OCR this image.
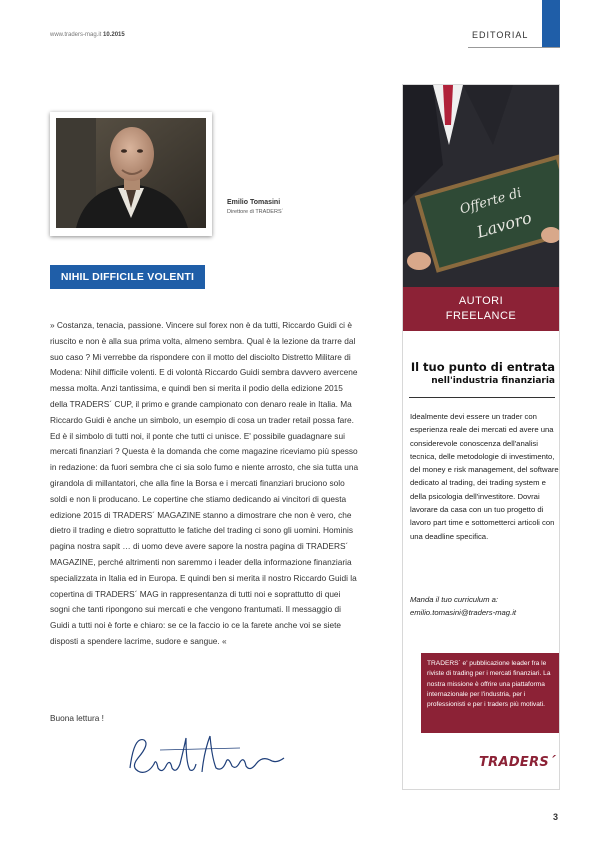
www.traders-mag.it 10.2015	EDITORIAL
Emilio Tomasini
Direttore di TRADERS´
NIHIL DIFFICILE VOLENTI

» Costanza, tenacia, passione. Vincere sul forex non è da tutti, Riccardo Guidi ci è riuscito e non è alla sua prima volta, almeno sembra. Qual è la lezione da trarre dal suo caso ? Mi verrebbe da rispondere con il motto del disciolto Distretto Militare di Modena: Nihil difficile volenti. E di volontà Riccardo Guidi sembra davvero avercene messa molta. Anzi tantissima, e quindi ben si merita il podio della edizione 2015 della TRADERS´ CUP, il primo e grande campionato con denaro reale in Italia. Ma Riccardo Guidi è anche un simbolo, un esempio di cosa un trader retail possa fare. Ed è il simbolo di tutti noi, il ponte che tutti ci unisce. E' possibile guadagnare sui mercati finanziari ? Questa è la domanda che come magazine riceviamo più spesso in redazione: da fuori sembra che ci sia solo fumo e niente arrosto, che sia tutta una girandola di millantatori, che alla fine la Borsa e i mercati finanziari bruciono solo soldi e non li producano. Le copertine che stiamo dedicando ai vincitori di questa edizione 2015 di TRADERS´ MAGAZINE stanno a dimostrare che non è vero, che dietro il trading e dietro soprattutto le fatiche del trading ci sono gli uomini. Hominis pagina nostra sapit … di uomo deve avere sapore la nostra pagina di TRADERS´ MAGAZINE, perché altrimenti non saremmo i leader della informazione finanziaria specializzata in Italia ed in Europa. E quindi ben si merita il nostro Riccardo Guidi la copertina di TRADERS´ MAG in rappresentanza di tutti noi e soprattutto di quei sogni che tanti ripongono sui mercati e che vengono frantumati. Il messaggio di Guidi a tutti noi è forte e chiaro: se ce la faccio io ce la farete anche voi se siete disposti a spendere lacrime, sudore e sangue. «

Buona lettura !
Offerte di
Lavoro
AUTORI
FREELANCE
Il tuo punto di entrata
nell'industria finanziaria
Idealmente devi essere un trader con esperienza reale dei mercati ed avere una considerevole conoscenza dell'analisi tecnica, delle metodologie di investimento, del money e risk management, del software dedicato al trading, dei trading system e della psicologia dell'investitore. Dovrai lavorare da casa con un tuo progetto di lavoro part time e sottometterci articoli con una deadline specifica.
Manda il tuo curriculum a:
emilio.tomasini@traders-mag.it
TRADERS´ e' pubblicazione leader fra le riviste di trading per i mercati finanziari. La nostra missione è offrire una piattaforma internazionale per l'industria, per i professionisti e per i traders più motivati.
TRADERS´
3
